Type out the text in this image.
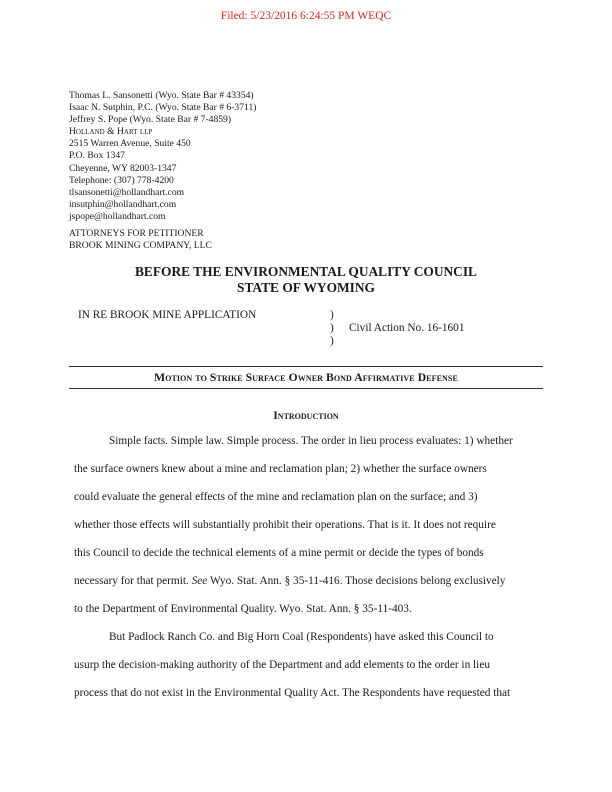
Filed: 5/23/2016 6:24:55 PM WEQC
Thomas L. Sansonetti (Wyo. State Bar # 43354)
Isaac N. Sutphin, P.C. (Wyo. State Bar # 6-3711)
Jeffrey S. Pope (Wyo. State Bar # 7-4859)
Holland & Hart llp
2515 Warren Avenue, Suite 450
P.O. Box 1347
Cheyenne, WY 82003-1347
Telephone: (307) 778-4200
tlsansonetti@hollandhart.com
insutphin@hollandhart.com
jspope@hollandhart.com
ATTORNEYS FOR PETITIONER
BROOK MINING COMPANY, LLC
BEFORE THE ENVIRONMENTAL QUALITY COUNCIL
STATE OF WYOMING
IN RE BROOK MINE APPLICATION	)
)
)
Civil Action No. 16-1601
Motion to Strike Surface Owner Bond Affirmative Defense
Introduction
Simple facts. Simple law. Simple process. The order in lieu process evaluates: 1) whether
the surface owners knew about a mine and reclamation plan; 2) whether the surface owners
could evaluate the general effects of the mine and reclamation plan on the surface; and 3)
whether those effects will substantially prohibit their operations. That is it. It does not require
this Council to decide the technical elements of a mine permit or decide the types of bonds
necessary for that permit. See Wyo. Stat. Ann. § 35-11-416. Those decisions belong exclusively
to the Department of Environmental Quality. Wyo. Stat. Ann. § 35-11-403.
But Padlock Ranch Co. and Big Horn Coal (Respondents) have asked this Council to
usurp the decision-making authority of the Department and add elements to the order in lieu
process that do not exist in the Environmental Quality Act. The Respondents have requested that
